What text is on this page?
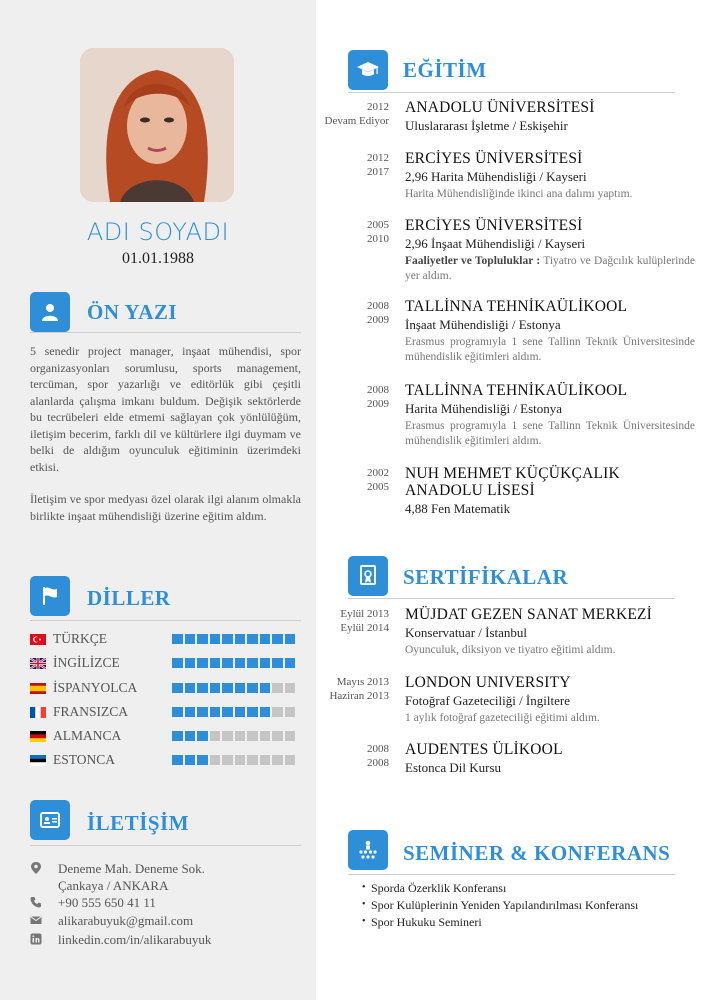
ADI SOYADI
01.01.1988
ÖN YAZI

5 senedir project manager, inşaat mühendisi, spor organizasyonları sorumlusu, sports management, tercüman, spor yazarlığı ve editörlük gibi çeşitli alanlarda çalışma imkanı buldum. Değişik sektörlerde bu tecrübeleri elde etmemi sağlayan çok yönlülüğüm, iletişim becerim, farklı dil ve kültürlere ilgi duymam ve belki de aldığım oyunculuk eğitiminin üzerimdeki etkisi.

İletişim ve spor medyası özel olarak ilgi alanım olmakla birlikte inşaat mühendisliği üzerine eğitim aldım.

DİLLER
TÜRKÇE
İNGİLİZCE
İSPANYOLCA
FRANSIZCA
ALMANCA
ESTONCA
İLETİŞİM
Deneme Mah. Deneme Sok. Çankaya / ANKARA
+90 555 650 41 11
alikarabuyuk@gmail.com
linkedin.com/in/alikarabuyuk
EĞİTİM
2012
Devam Ediyor
ANADOLU ÜNİVERSİTESİ
Uluslararası İşletme / Eskişehir
2012
2017
ERCİYES ÜNİVERSİTESİ
2,96 Harita Mühendisliği / Kayseri
Harita Mühendisliğinde ikinci ana dalımı yaptım.
2005
2010
ERCİYES ÜNİVERSİTESİ
2,96 İnşaat Mühendisliği / Kayseri
Faaliyetler ve Topluluklar : Tiyatro ve Dağcılık kulüplerinde yer aldım.
2008
2009
TALLİNNA TEHNİKAÜLİKOOL
İnşaat Mühendisliği / Estonya
Erasmus programıyla 1 sene Tallinn Teknik Üniversitesinde mühendislik eğitimleri aldım.
2008
2009
TALLİNNA TEHNİKAÜLİKOOL
Harita Mühendisliği / Estonya
Erasmus programıyla 1 sene Tallinn Teknik Üniversitesinde mühendislik eğitimleri aldım.
2002
2005
NUH MEHMET KÜÇÜKÇALIK ANADOLU LİSESİ
4,88 Fen Matematik
SERTİFİKALAR
Eylül 2013
Eylül 2014
MÜJDAT GEZEN SANAT MERKEZİ
Konservatuar / İstanbul
Oyunculuk, diksiyon ve tiyatro eğitimi aldım.
Mayıs 2013
Haziran 2013
LONDON UNIVERSITY
Fotoğraf Gazeteciliği / İngiltere
1 aylık fotoğraf gazeteciliği eğitimi aldım.
2008
2008
AUDENTES ÜLİKOOL
Estonca Dil Kursu
SEMİNER & KONFERANS
• Sporda Özerklik Konferansı
• Spor Kulüplerinin Yeniden Yapılandırılması Konferansı
• Spor Hukuku Semineri
